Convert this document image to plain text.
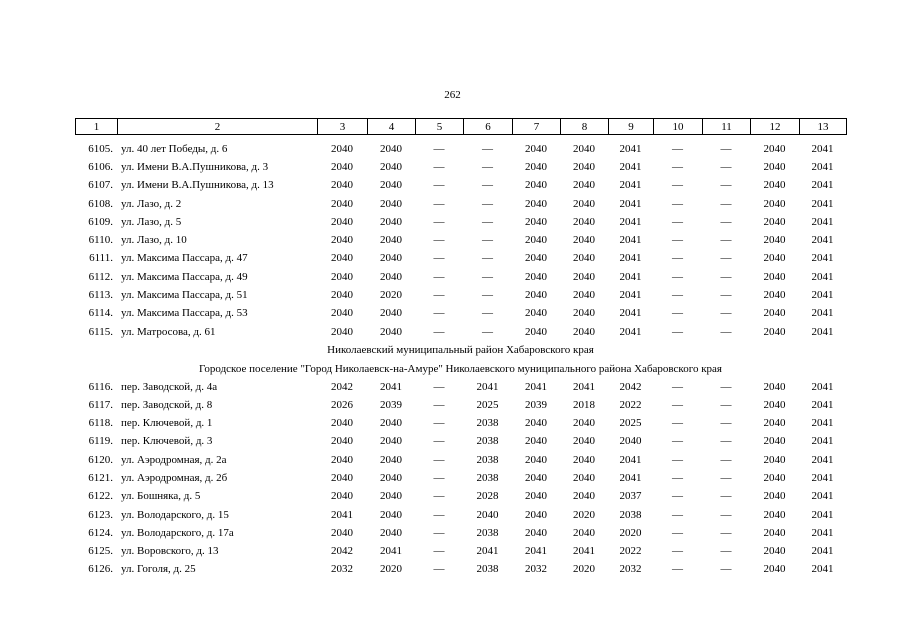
262
1	2	3	4	5	6	7	8	9	10	11	12	13
6105. ул. 40 лет Победы, д. 6	2040	2040	—	—	2040	2040	2041	—	—	2040	2041
6106. ул. Имени В.А.Пушникова, д. 3	2040	2040	—	—	2040	2040	2041	—	—	2040	2041
6107. ул. Имени В.А.Пушникова, д. 13	2040	2040	—	—	2040	2040	2041	—	—	2040	2041
6108. ул. Лазо, д. 2	2040	2040	—	—	2040	2040	2041	—	—	2040	2041
6109. ул. Лазо, д. 5	2040	2040	—	—	2040	2040	2041	—	—	2040	2041
6110. ул. Лазо, д. 10	2040	2040	—	—	2040	2040	2041	—	—	2040	2041
6111. ул. Максима Пассара, д. 47	2040	2040	—	—	2040	2040	2041	—	—	2040	2041
6112. ул. Максима Пассара, д. 49	2040	2040	—	—	2040	2040	2041	—	—	2040	2041
6113. ул. Максима Пассара, д. 51	2040	2020	—	—	2040	2040	2041	—	—	2040	2041
6114. ул. Максима Пассара, д. 53	2040	2040	—	—	2040	2040	2041	—	—	2040	2041
6115. ул. Матросова, д. 61	2040	2040	—	—	2040	2040	2041	—	—	2040	2041
Николаевский муниципальный район Хабаровского края
Городское поселение "Город Николаевск-на-Амуре" Николаевского муниципального района Хабаровского края
6116. пер. Заводской, д. 4а	2042	2041	—	2041	2041	2041	2042	—	—	2040	2041
6117. пер. Заводской, д. 8	2026	2039	—	2025	2039	2018	2022	—	—	2040	2041
6118. пер. Ключевой, д. 1	2040	2040	—	2038	2040	2040	2025	—	—	2040	2041
6119. пер. Ключевой, д. 3	2040	2040	—	2038	2040	2040	2040	—	—	2040	2041
6120. ул. Аэродромная, д. 2а	2040	2040	—	2038	2040	2040	2041	—	—	2040	2041
6121. ул. Аэродромная, д. 2б	2040	2040	—	2038	2040	2040	2041	—	—	2040	2041
6122. ул. Бошняка, д. 5	2040	2040	—	2028	2040	2040	2037	—	—	2040	2041
6123. ул. Володарского, д. 15	2041	2040	—	2040	2040	2020	2038	—	—	2040	2041
6124. ул. Володарского, д. 17а	2040	2040	—	2038	2040	2040	2020	—	—	2040	2041
6125. ул. Воровского, д. 13	2042	2041	—	2041	2041	2041	2022	—	—	2040	2041
6126. ул. Гоголя, д. 25	2032	2020	—	2038	2032	2020	2032	—	—	2040	2041
